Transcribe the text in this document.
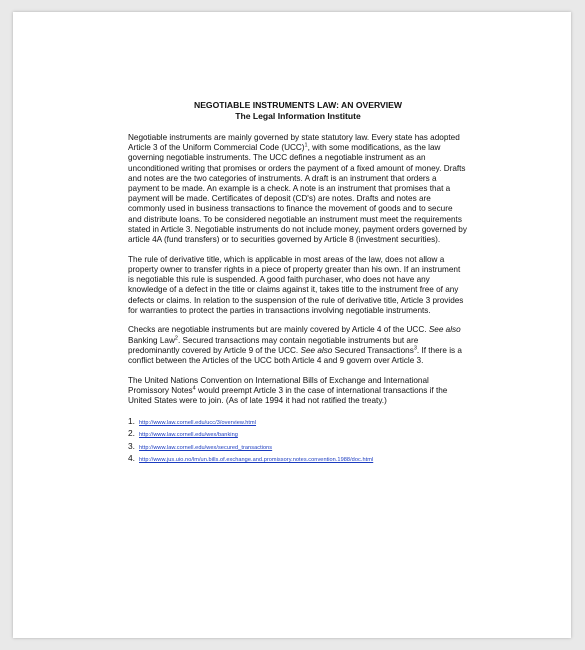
NEGOTIABLE INSTRUMENTS LAW: AN OVERVIEW
The Legal Information Institute
Negotiable instruments are mainly governed by state statutory law. Every state has adopted Article 3 of the Uniform Commercial Code (UCC)$^1$, with some modifications, as the law governing negotiable instruments. The UCC defines a negotiable instrument as an unconditioned writing that promises or orders the payment of a fixed amount of money. Drafts and notes are the two categories of instruments. A draft is an instrument that orders a payment to be made. An example is a check. A note is an instrument that promises that a payment will be made. Certificates of deposit (CD's) are notes. Drafts and notes are commonly used in business transactions to finance the movement of goods and to secure and distribute loans. To be considered negotiable an instrument must meet the requirements stated in Article 3. Negotiable instruments do not include money, payment orders governed by article 4A (fund transfers) or to securities governed by Article 8 (investment securities).
The rule of derivative title, which is applicable in most areas of the law, does not allow a property owner to transfer rights in a piece of property greater than his own. If an instrument is negotiable this rule is suspended. A good faith purchaser, who does not have any knowledge of a defect in the title or claims against it, takes title to the instrument free of any defects or claims. In relation to the suspension of the rule of derivative title, Article 3 provides for warranties to protect the parties in transactions involving negotiable instruments.
Checks are negotiable instruments but are mainly covered by Article 4 of the UCC. See also Banking Law$^2$. Secured transactions may contain negotiable instruments but are predominantly covered by Article 9 of the UCC. See also Secured Transactions$^3$. If there is a conflict between the Articles of the UCC both Article 4 and 9 govern over Article 3.
The United Nations Convention on International Bills of Exchange and International Promissory Notes$^4$ would preempt Article 3 in the case of international transactions if the United States were to join. (As of late 1994 it had not ratified the treaty.)
1. http://www.law.cornell.edu/ucc/3/overview.html
2. http://www.law.cornell.edu/wex/banking
3. http://www.law.cornell.edu/wex/secured_transactions
4. http://www.jus.uio.no/lm/un.bills.of.exchange.and.promissory.notes.convention.1988/doc.html
